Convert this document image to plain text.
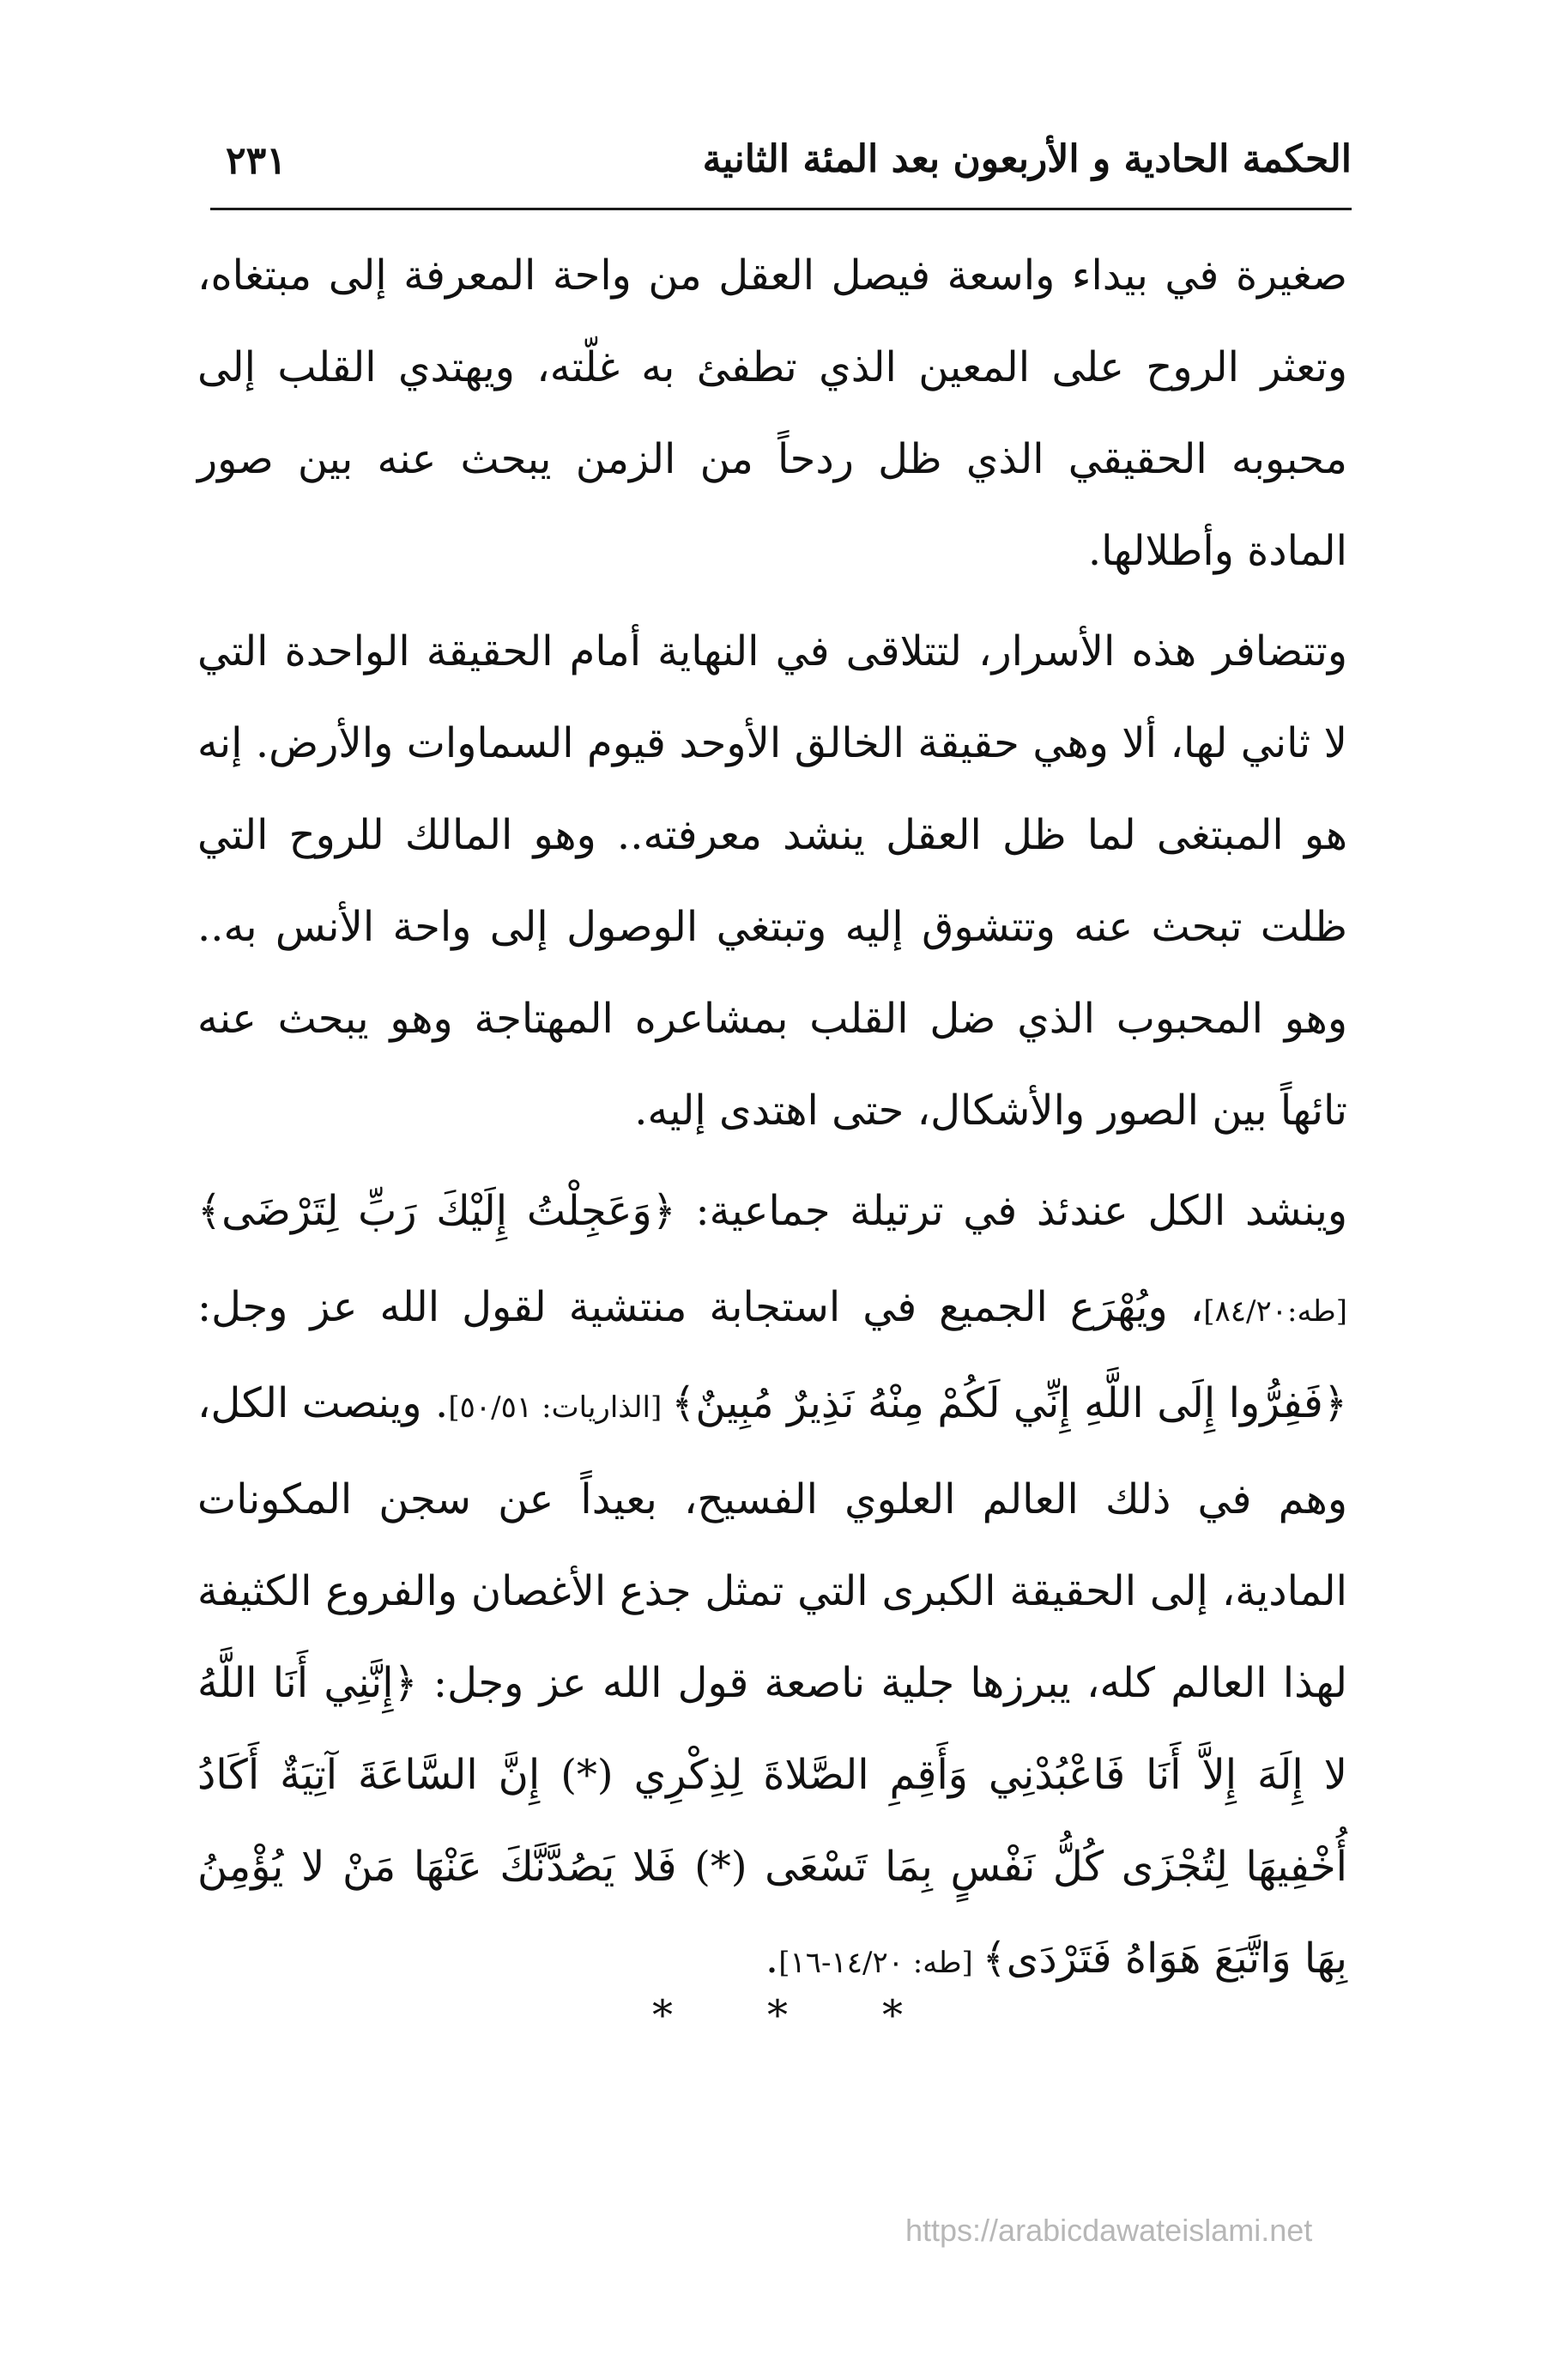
الحكمة الحادية و الأربعون بعد المئة الثانية
٢٣١

صغيرة في بيداء واسعة فيصل العقل من واحة المعرفة إلى مبتغاه، وتعثر الروح على المعين الذي تطفئ به غلّته، ويهتدي القلب إلى محبوبه الحقيقي الذي ظل ردحاً من الزمن يبحث عنه بين صور المادة وأطلالها.

وتتضافر هذه الأسرار، لتتلاقى في النهاية أمام الحقيقة الواحدة التي لا ثاني لها، ألا وهي حقيقة الخالق الأوحد قيوم السماوات والأرض. إنه هو المبتغى لما ظل العقل ينشد معرفته.. وهو المالك للروح التي ظلت تبحث عنه وتتشوق إليه وتبتغي الوصول إلى واحة الأنس به.. وهو المحبوب الذي ضل القلب بمشاعره المهتاجة وهو يبحث عنه تائهاً بين الصور والأشكال، حتى اهتدى إليه.

وينشد الكل عندئذ في ترتيلة جماعية: ﴿وَعَجِلْتُ إِلَيْكَ رَبِّ لِتَرْضَى﴾ [طه:٨٤/٢٠]، ويُهْرَع الجميع في استجابة منتشية لقول الله عز وجل: ﴿فَفِرُّوا إِلَى اللَّهِ إِنِّي لَكُمْ مِنْهُ نَذِيرٌ مُبِينٌ﴾ [الذاريات: ٥٠/٥١]. وينصت الكل، وهم في ذلك العالم العلوي الفسيح، بعيداً عن سجن المكونات المادية، إلى الحقيقة الكبرى التي تمثل جذع الأغصان والفروع الكثيفة لهذا العالم كله، يبرزها جلية ناصعة قول الله عز وجل: ﴿إِنَّنِي أَنَا اللَّهُ لا إِلَهَ إِلاَّ أَنَا فَاعْبُدْنِي وَأَقِمِ الصَّلاةَ لِذِكْرِي (*) إِنَّ السَّاعَةَ آتِيَةٌ أَكَادُ أُخْفِيهَا لِتُجْزَى كُلُّ نَفْسٍ بِمَا تَسْعَى (*) فَلا يَصُدَّنَّكَ عَنْهَا مَنْ لا يُؤْمِنُ بِهَا وَاتَّبَعَ هَوَاهُ فَتَرْدَى﴾ [طه: ١٤/٢٠-١٦].

* * *
https://arabicdawateislami.net
